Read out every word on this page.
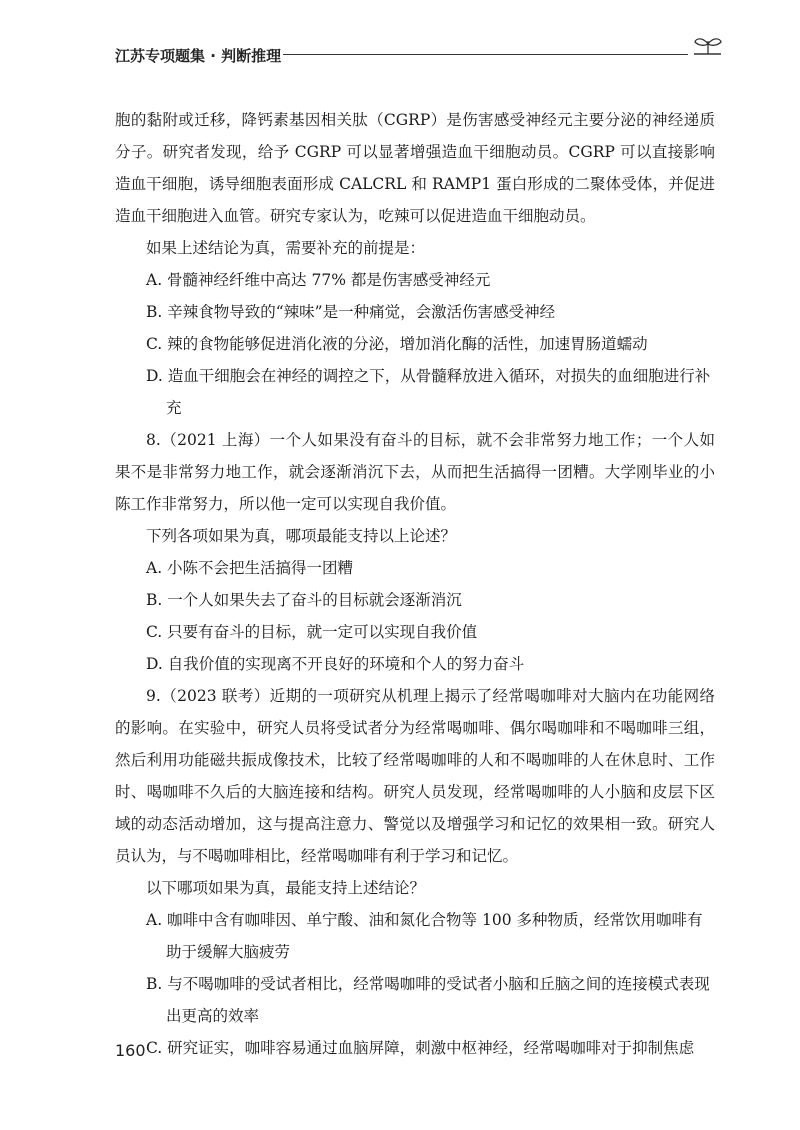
江苏专项题集 · 判断推理

胞的黏附或迁移，降钙素基因相关肽（CGRP）是伤害感受神经元主要分泌的神经递质分子。研究者发现，给予 CGRP 可以显著增强造血干细胞动员。CGRP 可以直接影响造血干细胞，诱导细胞表面形成 CALCRL 和 RAMP1 蛋白形成的二聚体受体，并促进造血干细胞进入血管。研究专家认为，吃辣可以促进造血干细胞动员。

如果上述结论为真，需要补充的前提是：

A. 骨髓神经纤维中高达 77% 都是伤害感受神经元

B. 辛辣食物导致的“辣味”是一种痛觉，会激活伤害感受神经

C. 辣的食物能够促进消化液的分泌，增加消化酶的活性，加速胃肠道蠕动

D. 造血干细胞会在神经的调控之下，从骨髓释放进入循环，对损失的血细胞进行补充

8.（2021 上海）一个人如果没有奋斗的目标，就不会非常努力地工作；一个人如果不是非常努力地工作，就会逐渐消沉下去，从而把生活搞得一团糟。大学刚毕业的小陈工作非常努力，所以他一定可以实现自我价值。

下列各项如果为真，哪项最能支持以上论述？

A. 小陈不会把生活搞得一团糟

B. 一个人如果失去了奋斗的目标就会逐渐消沉

C. 只要有奋斗的目标，就一定可以实现自我价值

D. 自我价值的实现离不开良好的环境和个人的努力奋斗

9.（2023 联考）近期的一项研究从机理上揭示了经常喝咖啡对大脑内在功能网络的影响。在实验中，研究人员将受试者分为经常喝咖啡、偶尔喝咖啡和不喝咖啡三组，然后利用功能磁共振成像技术，比较了经常喝咖啡的人和不喝咖啡的人在休息时、工作时、喝咖啡不久后的大脑连接和结构。研究人员发现，经常喝咖啡的人小脑和皮层下区域的动态活动增加，这与提高注意力、警觉以及增强学习和记忆的效果相一致。研究人员认为，与不喝咖啡相比，经常喝咖啡有利于学习和记忆。

以下哪项如果为真，最能支持上述结论？

A. 咖啡中含有咖啡因、单宁酸、油和氮化合物等 100 多种物质，经常饮用咖啡有助于缓解大脑疲劳

B. 与不喝咖啡的受试者相比，经常喝咖啡的受试者小脑和丘脑之间的连接模式表现出更高的效率

C. 研究证实，咖啡容易通过血脑屏障，刺激中枢神经，经常喝咖啡对于抑制焦虑

160
